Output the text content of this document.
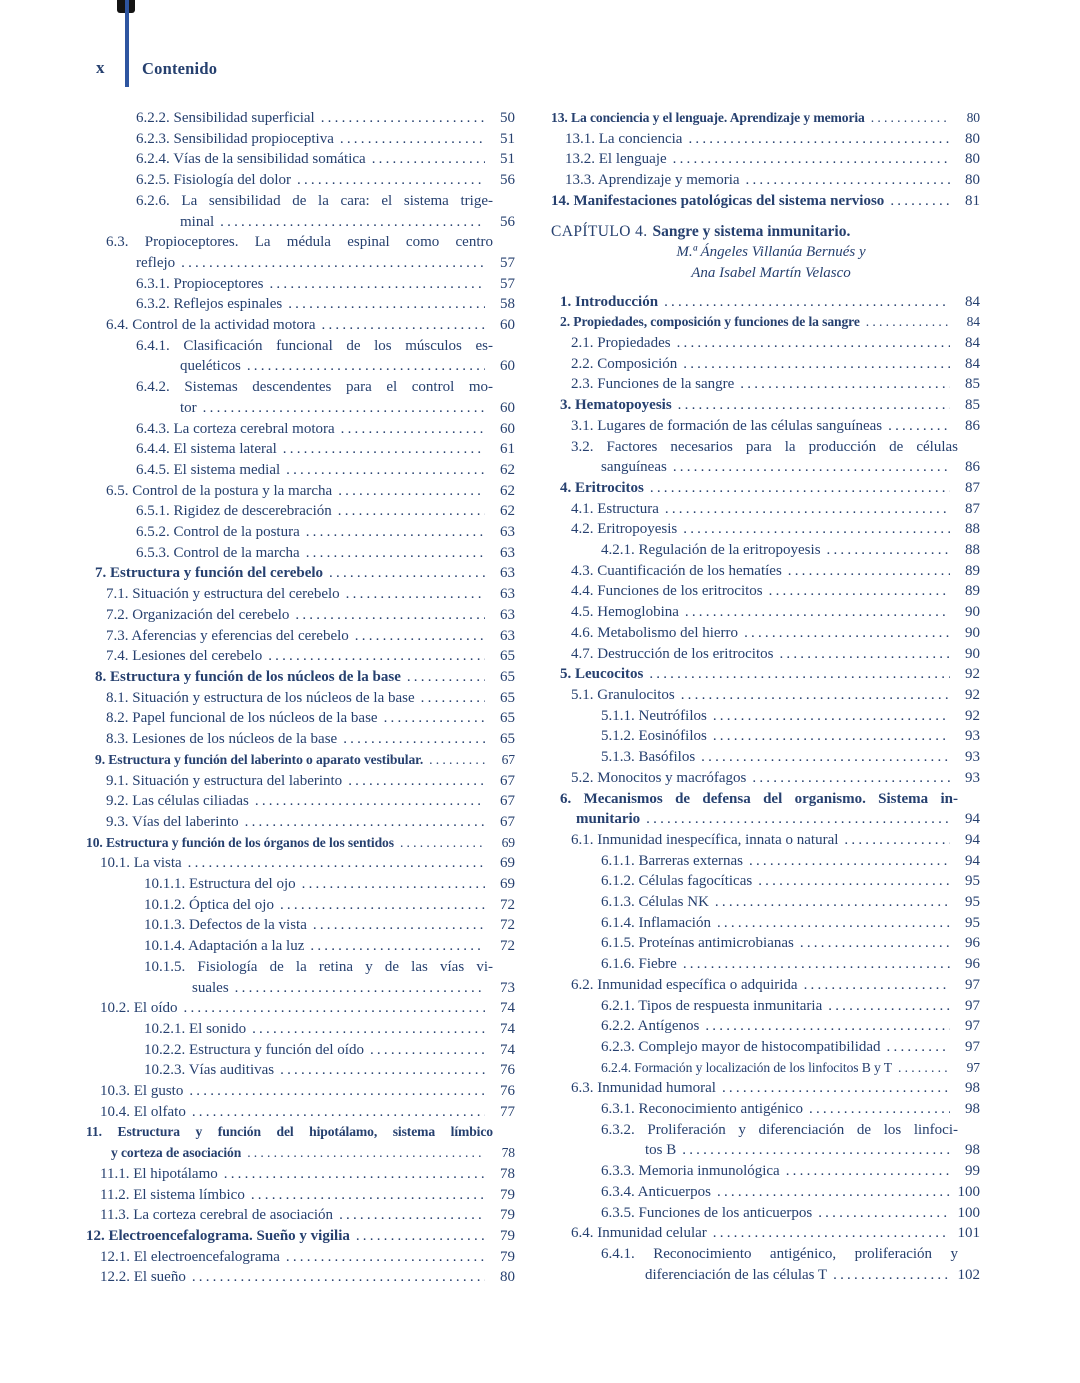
x Contenido
6.2.2. Sensibilidad superficial .....	50
6.2.3. Sensibilidad propioceptiva .....	51
6.2.4. Vías de la sensibilidad somática .....	51
6.2.5. Fisiología del dolor .....	56
6.2.6. La sensibilidad de la cara: el sistema trige-
minal .....	56
6.3. Propioceptores. La médula espinal como centro
reflejo .....	57
6.3.1. Propioceptores .....	57
6.3.2. Reflejos espinales .....	58
6.4. Control de la actividad motora .....	60
6.4.1. Clasificación funcional de los músculos es-
queléticos .....	60
6.4.2. Sistemas descendentes para el control mo-
tor .....	60
6.4.3. La corteza cerebral motora .....	60
6.4.4. El sistema lateral .....	61
6.4.5. El sistema medial .....	62
6.5. Control de la postura y la marcha .....	62
6.5.1. Rigidez de descerebración .....	62
6.5.2. Control de la postura .....	63
6.5.3. Control de la marcha .....	63
7. Estructura y función del cerebelo .....	63
7.1. Situación y estructura del cerebelo .....	63
7.2. Organización del cerebelo .....	63
7.3. Aferencias y eferencias del cerebelo .....	63
7.4. Lesiones del cerebelo .....	65
8. Estructura y función de los núcleos de la base .....	65
8.1. Situación y estructura de los núcleos de la base .....	65
8.2. Papel funcional de los núcleos de la base .....	65
8.3. Lesiones de los núcleos de la base .....	65
9. Estructura y función del laberinto o aparato vestibular. .....	67
9.1. Situación y estructura del laberinto .....	67
9.2. Las células ciliadas .....	67
9.3. Vías del laberinto .....	67
10. Estructura y función de los órganos de los sentidos .....	69
10.1. La vista .....	69
10.1.1. Estructura del ojo .....	69
10.1.2. Óptica del ojo .....	72
10.1.3. Defectos de la vista .....	72
10.1.4. Adaptación a la luz .....	72
10.1.5. Fisiología de la retina y de las vías vi-
suales .....	73
10.2. El oído .....	74
10.2.1. El sonido .....	74
10.2.2. Estructura y función del oído .....	74
10.2.3. Vías auditivas .....	76
10.3. El gusto .....	76
10.4. El olfato .....	77
11. Estructura y función del hipotálamo, sistema límbico
y corteza de asociación .....	78
11.1. El hipotálamo .....	78
11.2. El sistema límbico .....	79
11.3. La corteza cerebral de asociación .....	79
12. Electroencefalograma. Sueño y vigilia .....	79
12.1. El electroencefalograma .....	79
12.2. El sueño .....	80
13. La conciencia y el lenguaje. Aprendizaje y memoria .....	80
13.1. La conciencia .....	80
13.2. El lenguaje .....	80
13.3. Aprendizaje y memoria .....	80
14. Manifestaciones patológicas del sistema nervioso .....	81
CAPÍTULO 4. Sangre y sistema inmunitario.
M.ª Ángeles Villanúa Bernués y
Ana Isabel Martín Velasco
1. Introducción .....	84
2. Propiedades, composición y funciones de la sangre .....	84
2.1. Propiedades .....	84
2.2. Composición .....	84
2.3. Funciones de la sangre .....	85
3. Hematopoyesis .....	85
3.1. Lugares de formación de las células sanguíneas .....	86
3.2. Factores necesarios para la producción de células
sanguíneas .....	86
4. Eritrocitos .....	87
4.1. Estructura .....	87
4.2. Eritropoyesis .....	88
4.2.1. Regulación de la eritropoyesis .....	88
4.3. Cuantificación de los hematíes .....	89
4.4. Funciones de los eritrocitos .....	89
4.5. Hemoglobina .....	90
4.6. Metabolismo del hierro .....	90
4.7. Destrucción de los eritrocitos .....	90
5. Leucocitos .....	92
5.1. Granulocitos .....	92
5.1.1. Neutrófilos .....	92
5.1.2. Eosinófilos .....	93
5.1.3. Basófilos .....	93
5.2. Monocitos y macrófagos .....	93
6. Mecanismos de defensa del organismo. Sistema in-
munitario .....	94
6.1. Inmunidad inespecífica, innata o natural .....	94
6.1.1. Barreras externas .....	94
6.1.2. Células fagocíticas .....	95
6.1.3. Células NK .....	95
6.1.4. Inflamación .....	95
6.1.5. Proteínas antimicrobianas .....	96
6.1.6. Fiebre .....	96
6.2. Inmunidad específica o adquirida .....	97
6.2.1. Tipos de respuesta inmunitaria .....	97
6.2.2. Antígenos .....	97
6.2.3. Complejo mayor de histocompatibilidad .....	97
6.2.4. Formación y localización de los linfocitos B y T .....	97
6.3. Inmunidad humoral .....	98
6.3.1. Reconocimiento antigénico .....	98
6.3.2. Proliferación y diferenciación de los linfoci-
tos B .....	98
6.3.3. Memoria inmunológica .....	99
6.3.4. Anticuerpos .....	100
6.3.5. Funciones de los anticuerpos .....	100
6.4. Inmunidad celular .....	101
6.4.1. Reconocimiento antigénico, proliferación y
diferenciación de las células T .....	102
